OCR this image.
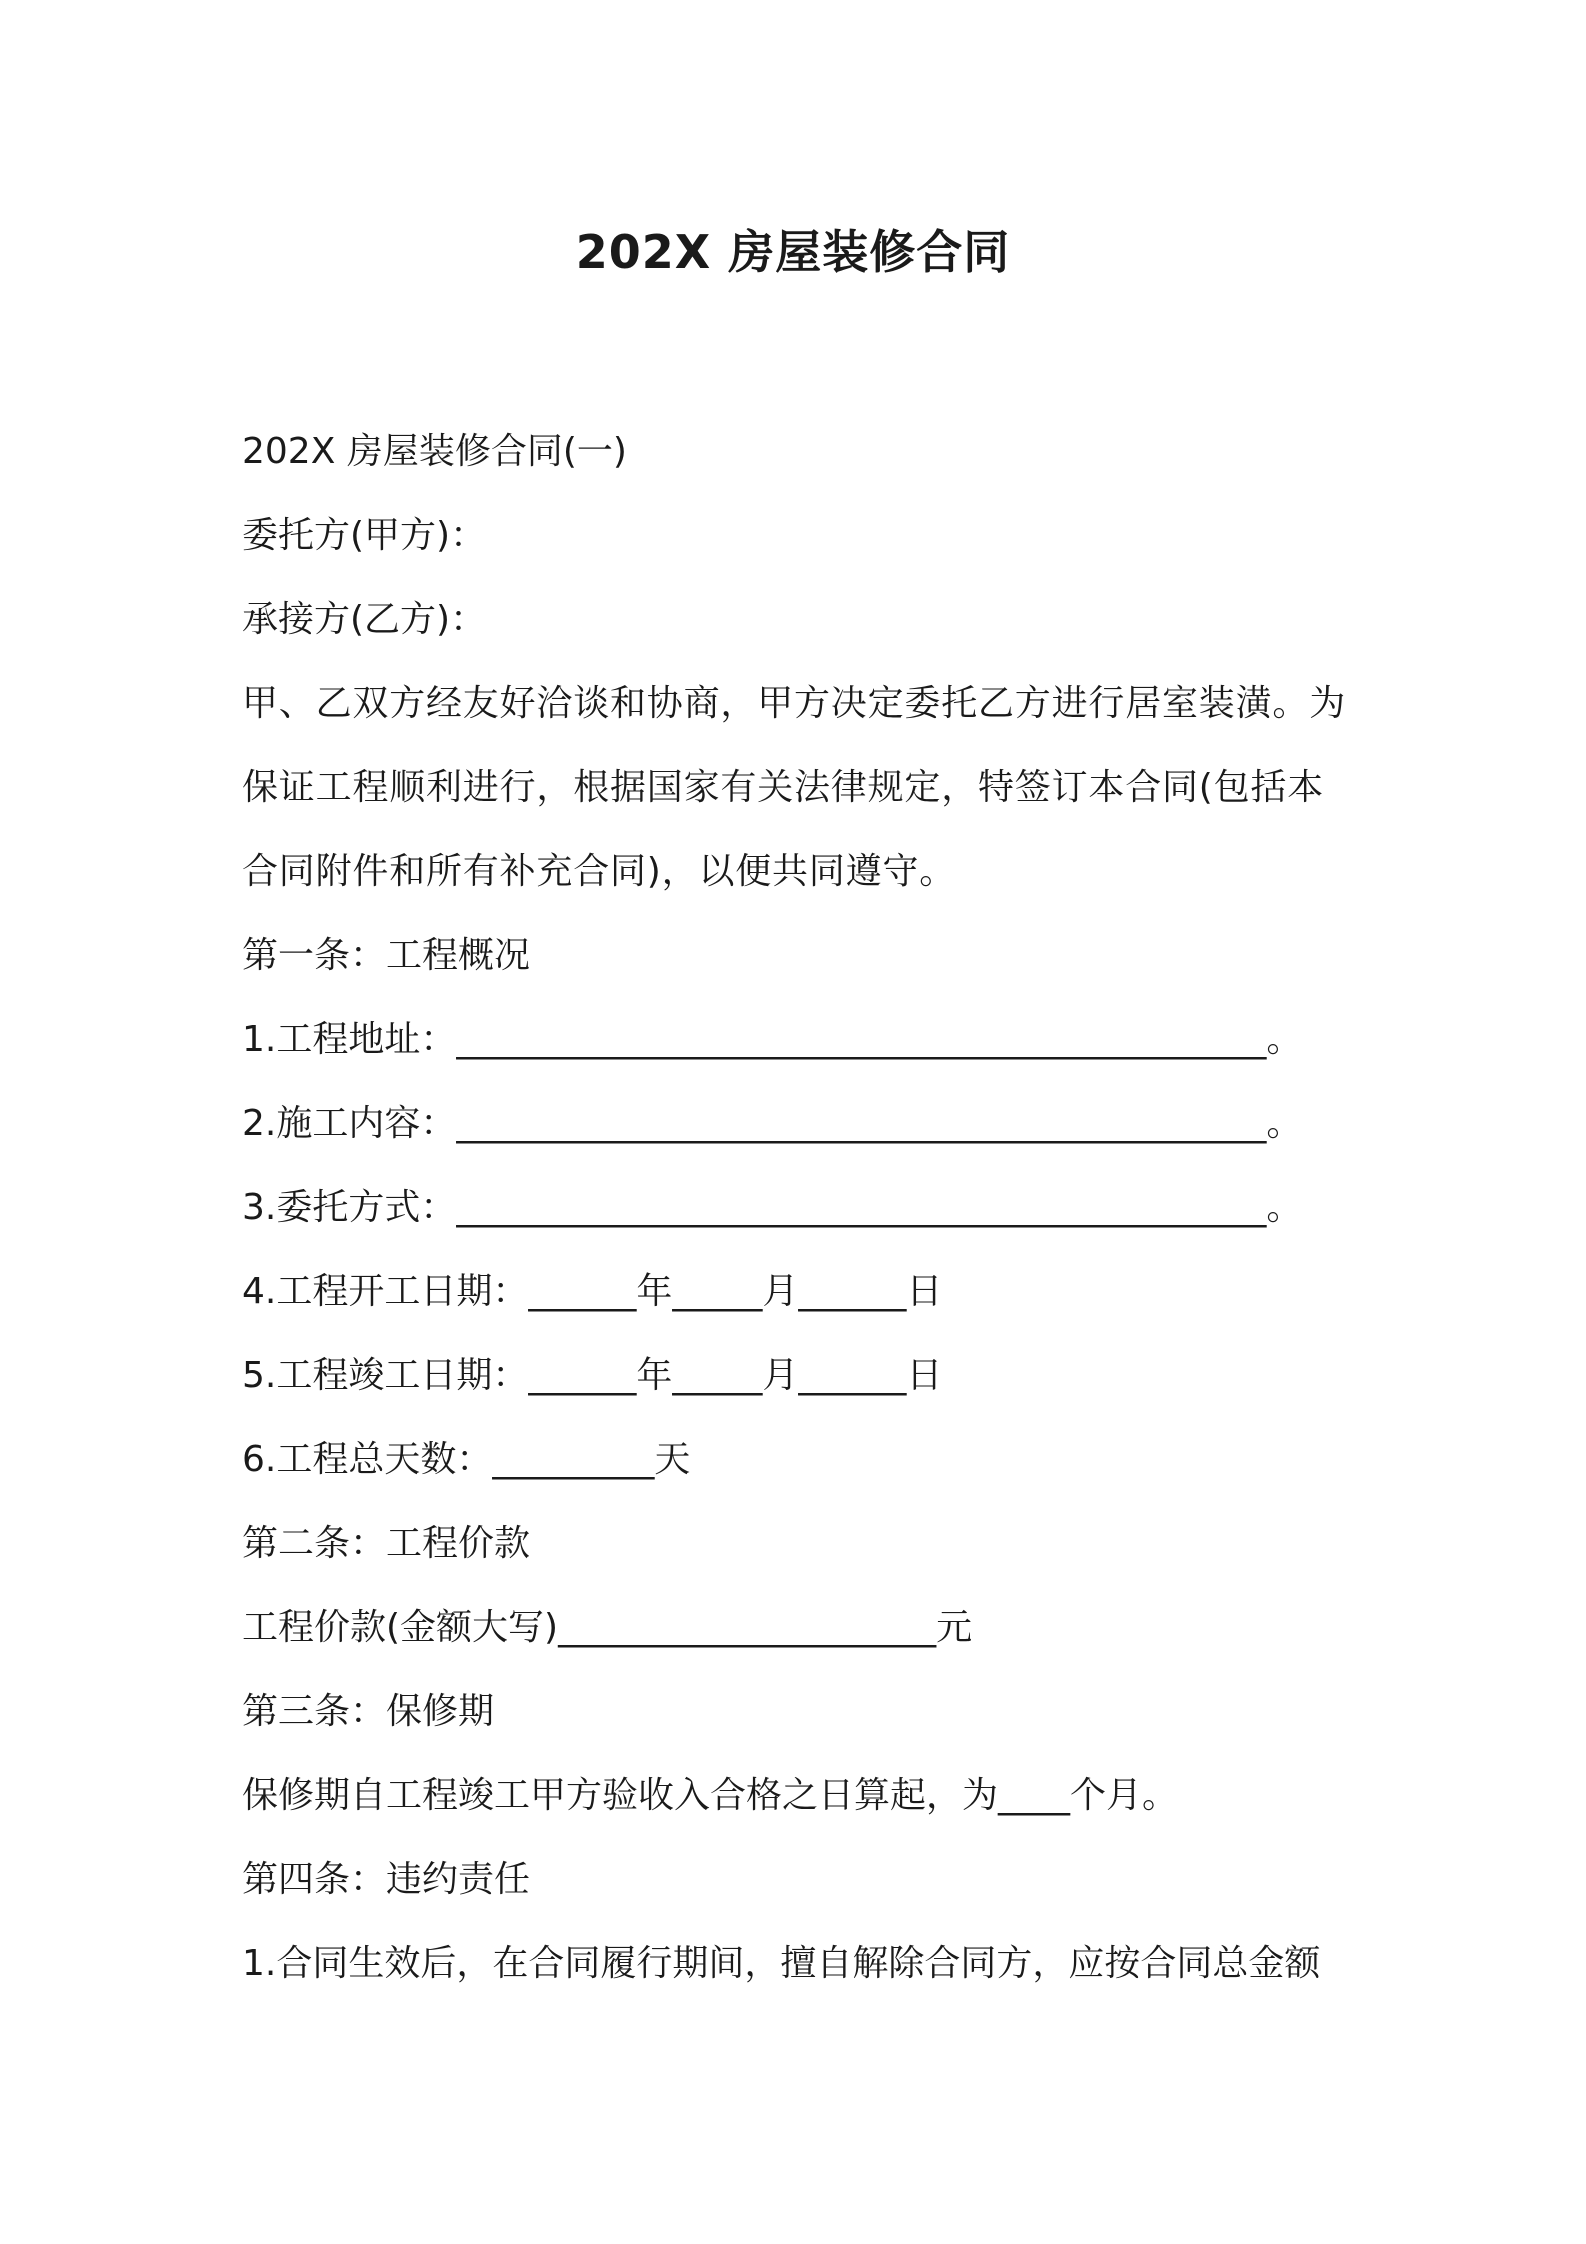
202X 房屋装修合同
202X 房屋装修合同(一)
委托方(甲方)：
承接方(乙方)：
甲、乙双方经友好洽谈和协商，甲方决定委托乙方进行居室装潢。为
保证工程顺利进行，根据国家有关法律规定，特签订本合同(包括本
合同附件和所有补充合同)，以便共同遵守。
第一条：工程概况
1.工程地址：_____________________________________________。
2.施工内容：_____________________________________________。
3.委托方式：_____________________________________________。
4.工程开工日期：______年_____月______日
5.工程竣工日期：______年_____月______日
6.工程总天数：_________天
第二条：工程价款
工程价款(金额大写)_____________________元
第三条：保修期
保修期自工程竣工甲方验收入合格之日算起，为____个月。
第四条：违约责任
1.合同生效后，在合同履行期间，擅自解除合同方，应按合同总金额
